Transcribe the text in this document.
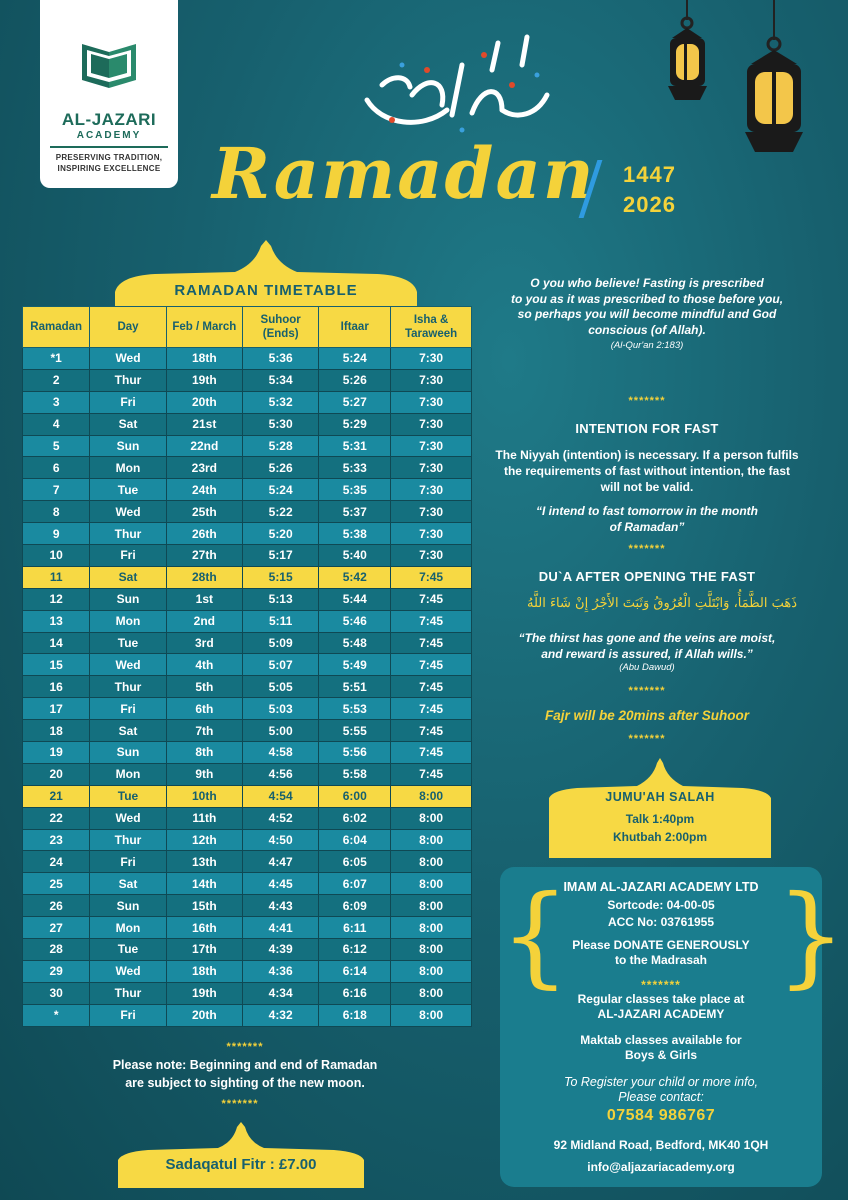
AL-JAZARI
ACADEMY
PRESERVING TRADITION,
INSPIRING EXCELLENCE Ramadan 1447
2026
RAMADAN TIMETABLE
Ramadan	Day	Feb / March	Suhoor (Ends)	Iftaar	Isha & Taraweeh
*1	Wed	18th	5:36	5:24	7:30
2	Thur	19th	5:34	5:26	7:30
3	Fri	20th	5:32	5:27	7:30
4	Sat	21st	5:30	5:29	7:30
5	Sun	22nd	5:28	5:31	7:30
6	Mon	23rd	5:26	5:33	7:30
7	Tue	24th	5:24	5:35	7:30
8	Wed	25th	5:22	5:37	7:30
9	Thur	26th	5:20	5:38	7:30
10	Fri	27th	5:17	5:40	7:30
11	Sat	28th	5:15	5:42	7:45
12	Sun	1st	5:13	5:44	7:45
13	Mon	2nd	5:11	5:46	7:45
14	Tue	3rd	5:09	5:48	7:45
15	Wed	4th	5:07	5:49	7:45
16	Thur	5th	5:05	5:51	7:45
17	Fri	6th	5:03	5:53	7:45
18	Sat	7th	5:00	5:55	7:45
19	Sun	8th	4:58	5:56	7:45
20	Mon	9th	4:56	5:58	7:45
21	Tue	10th	4:54	6:00	8:00
22	Wed	11th	4:52	6:02	8:00
23	Thur	12th	4:50	6:04	8:00
24	Fri	13th	4:47	6:05	8:00
25	Sat	14th	4:45	6:07	8:00
26	Sun	15th	4:43	6:09	8:00
27	Mon	16th	4:41	6:11	8:00
28	Tue	17th	4:39	6:12	8:00
29	Wed	18th	4:36	6:14	8:00
30	Thur	19th	4:34	6:16	8:00
*	Fri	20th	4:32	6:18	8:00
*******
Please note: Beginning and end of Ramadan
are subject to sighting of the new moon.
*******
Sadaqatul Fitr : £7.00
O you who believe! Fasting is prescribed
to you as it was prescribed to those before you,
so perhaps you will become mindful and God
conscious (of Allah).
(Al-Qur'an 2:183)
*******
INTENTION FOR FAST
The Niyyah (intention) is necessary. If a person fulfils
the requirements of fast without intention, the fast
will not be valid.
“I intend to fast tomorrow in the month
of Ramadan”
*******
DU`A AFTER OPENING THE FAST
ذَهَبَ الظَّمَأُ، وَابْتَلَّتِ الْعُرُوقُ وَثَبَتَ الأَجْرُ إِنْ شَاءَ اللَّهُ
“The thirst has gone and the veins are moist,
and reward is assured, if Allah wills.”
(Abu Dawud)
*******
Fajr will be 20mins after Suhoor
*******
JUMU'AH SALAH
Talk 1:40pm
Khutbah 2:00pm
{ }
IMAM AL-JAZARI ACADEMY LTD
Sortcode: 04-00-05
ACC No: 03761955
Please DONATE GENEROUSLY
to the Madrasah
*******
Regular classes take place at
AL-JAZARI ACADEMY
Maktab classes available for
Boys & Girls
To Register your child or more info,
Please contact:
07584 986767
92 Midland Road, Bedford, MK40 1QH
info@aljazariacademy.org
